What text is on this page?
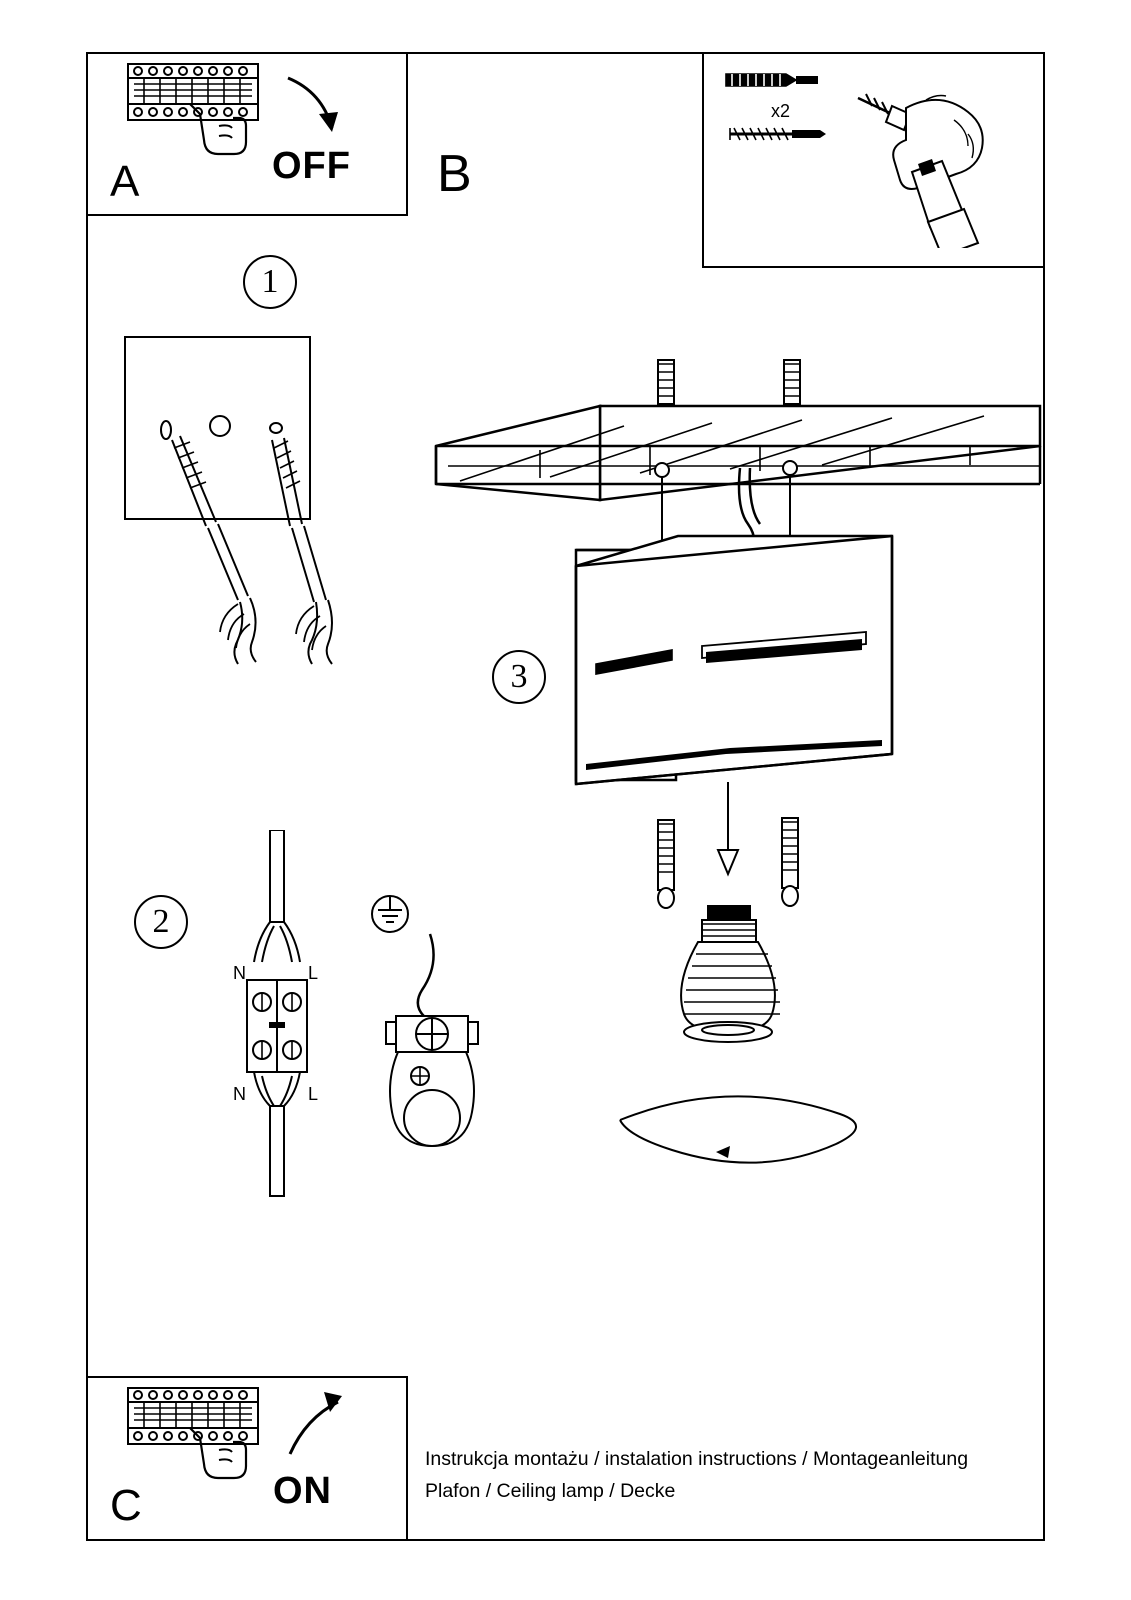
A	OFF B
x2
1
2
N	L
N	L
3
C	ON
Instrukcja montażu / instalation instructions / Montageanleitung
Plafon / Ceiling lamp / Decke
